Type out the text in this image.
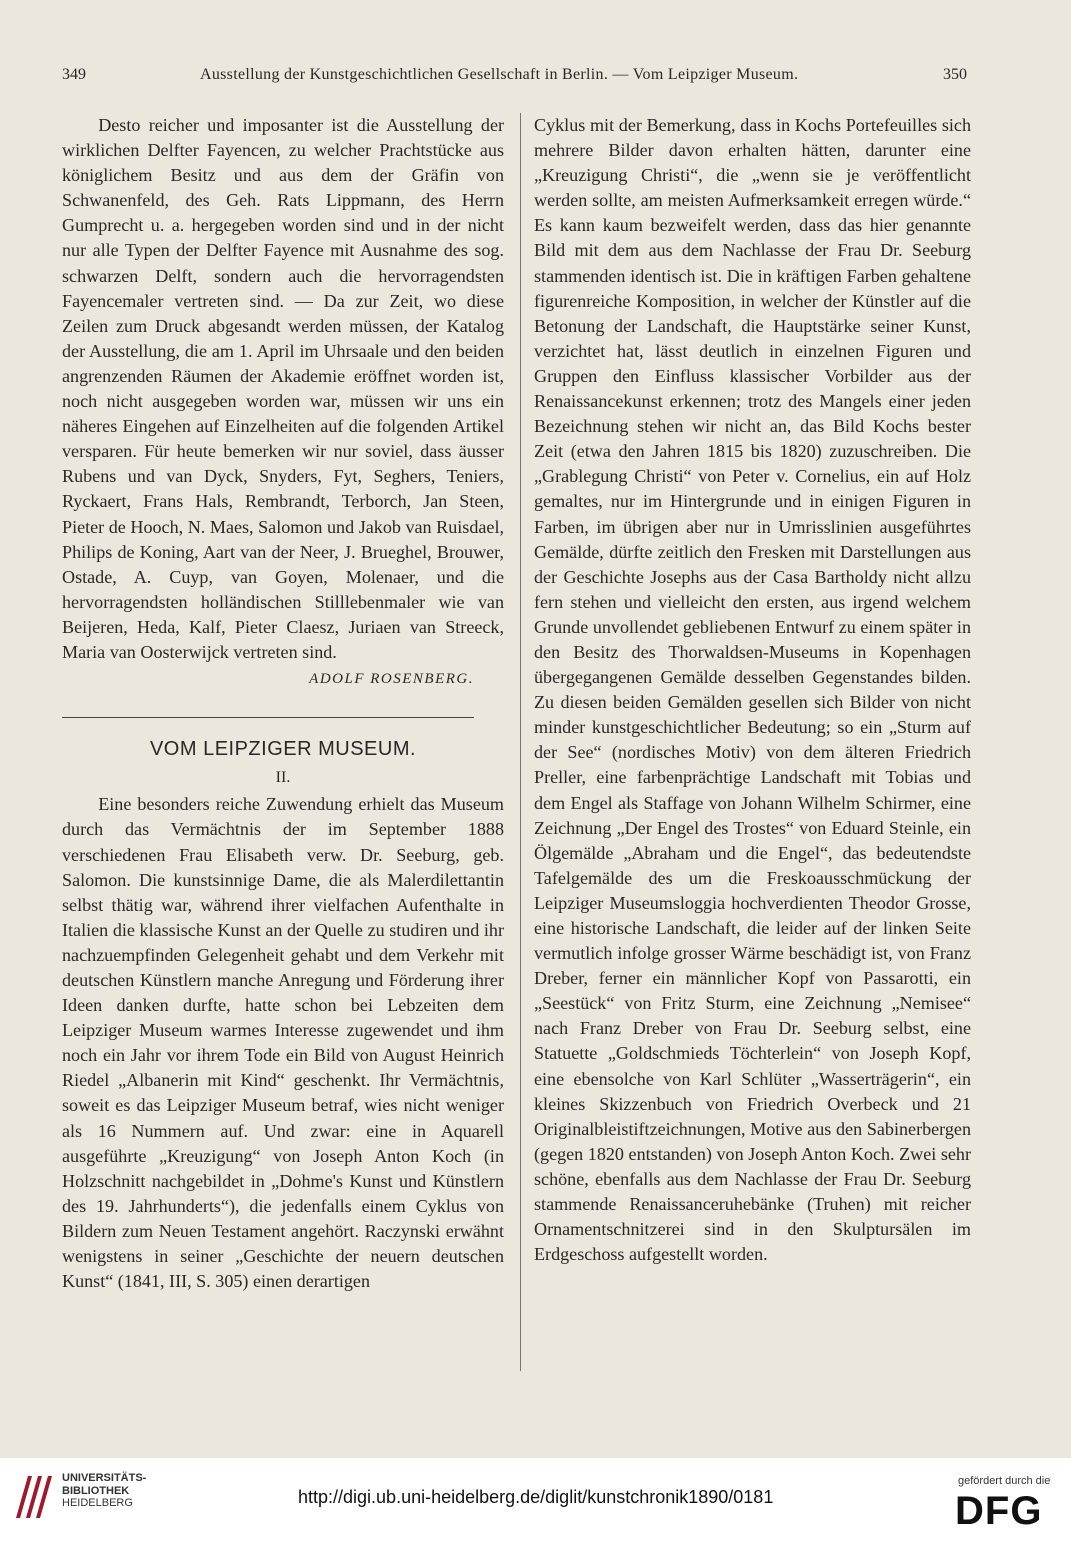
349	Ausstellung der Kunstgeschichtlichen Gesellschaft in Berlin. — Vom Leipziger Museum.	350

Desto reicher und imposanter ist die Ausstellung der wirklichen Delfter Fayencen, zu welcher Prachtstücke aus königlichem Besitz und aus dem der Gräfin von Schwanenfeld, des Geh. Rats Lippmann, des Herrn Gumprecht u. a. hergegeben worden sind und in der nicht nur alle Typen der Delfter Fayence mit Ausnahme des sog. schwarzen Delft, sondern auch die hervorragendsten Fayencemaler vertreten sind. — Da zur Zeit, wo diese Zeilen zum Druck abgesandt werden müssen, der Katalog der Ausstellung, die am 1. April im Uhrsaale und den beiden angrenzenden Räumen der Akademie eröffnet worden ist, noch nicht ausgegeben worden war, müssen wir uns ein näheres Eingehen auf Einzelheiten auf die folgenden Artikel versparen. Für heute bemerken wir nur soviel, dass äusser Rubens und van Dyck, Snyders, Fyt, Seghers, Teniers, Ryckaert, Frans Hals, Rembrandt, Terborch, Jan Steen, Pieter de Hooch, N. Maes, Salomon und Jakob van Ruisdael, Philips de Koning, Aart van der Neer, J. Brueghel, Brouwer, Ostade, A. Cuyp, van Goyen, Molenaer, und die hervorragendsten holländischen Stilllebenmaler wie van Beijeren, Heda, Kalf, Pieter Claesz, Juriaen van Streeck, Maria van Oosterwijck vertreten sind.

ADOLF ROSENBERG.
VOM LEIPZIGER MUSEUM.
II.

Eine besonders reiche Zuwendung erhielt das Museum durch das Vermächtnis der im September 1888 verschiedenen Frau Elisabeth verw. Dr. Seeburg, geb. Salomon. Die kunstsinnige Dame, die als Malerdilettantin selbst thätig war, während ihrer vielfachen Aufenthalte in Italien die klassische Kunst an der Quelle zu studiren und ihr nachzuempfinden Gelegenheit gehabt und dem Verkehr mit deutschen Künstlern manche Anregung und Förderung ihrer Ideen danken durfte, hatte schon bei Lebzeiten dem Leipziger Museum warmes Interesse zugewendet und ihm noch ein Jahr vor ihrem Tode ein Bild von August Heinrich Riedel „Albanerin mit Kind“ geschenkt. Ihr Vermächtnis, soweit es das Leipziger Museum betraf, wies nicht weniger als 16 Nummern auf. Und zwar: eine in Aquarell ausgeführte „Kreuzigung“ von Joseph Anton Koch (in Holzschnitt nachgebildet in „Dohme's Kunst und Künstlern des 19. Jahrhunderts“), die jedenfalls einem Cyklus von Bildern zum Neuen Testament angehört. Raczynski erwähnt wenigstens in seiner „Geschichte der neuern deutschen Kunst“ (1841, III, S. 305) einen derartigen

Cyklus mit der Bemerkung, dass in Kochs Portefeuilles sich mehrere Bilder davon erhalten hätten, darunter eine „Kreuzigung Christi“, die „wenn sie je veröffentlicht werden sollte, am meisten Aufmerksamkeit erregen würde.“ Es kann kaum bezweifelt werden, dass das hier genannte Bild mit dem aus dem Nachlasse der Frau Dr. Seeburg stammenden identisch ist. Die in kräftigen Farben gehaltene figurenreiche Komposition, in welcher der Künstler auf die Betonung der Landschaft, die Hauptstärke seiner Kunst, verzichtet hat, lässt deutlich in einzelnen Figuren und Gruppen den Einfluss klassischer Vorbilder aus der Renaissancekunst erkennen; trotz des Mangels einer jeden Bezeichnung stehen wir nicht an, das Bild Kochs bester Zeit (etwa den Jahren 1815 bis 1820) zuzuschreiben. Die „Grablegung Christi“ von Peter v. Cornelius, ein auf Holz gemaltes, nur im Hintergrunde und in einigen Figuren in Farben, im übrigen aber nur in Umrisslinien ausgeführtes Gemälde, dürfte zeitlich den Fresken mit Darstellungen aus der Geschichte Josephs aus der Casa Bartholdy nicht allzu fern stehen und vielleicht den ersten, aus irgend welchem Grunde unvollendet gebliebenen Entwurf zu einem später in den Besitz des Thorwaldsen-Museums in Kopenhagen übergegangenen Gemälde desselben Gegenstandes bilden. Zu diesen beiden Gemälden gesellen sich Bilder von nicht minder kunstgeschichtlicher Bedeutung; so ein „Sturm auf der See“ (nordisches Motiv) von dem älteren Friedrich Preller, eine farbenprächtige Landschaft mit Tobias und dem Engel als Staffage von Johann Wilhelm Schirmer, eine Zeichnung „Der Engel des Trostes“ von Eduard Steinle, ein Ölgemälde „Abraham und die Engel“, das bedeutendste Tafelgemälde des um die Freskoausschmückung der Leipziger Museumsloggia hochverdienten Theodor Grosse, eine historische Landschaft, die leider auf der linken Seite vermutlich infolge grosser Wärme beschädigt ist, von Franz Dreber, ferner ein männlicher Kopf von Passarotti, ein „Seestück“ von Fritz Sturm, eine Zeichnung „Nemisee“ nach Franz Dreber von Frau Dr. Seeburg selbst, eine Statuette „Goldschmieds Töchterlein“ von Joseph Kopf, eine ebensolche von Karl Schlüter „Wasserträgerin“, ein kleines Skizzenbuch von Friedrich Overbeck und 21 Originalbleistiftzeichnungen, Motive aus den Sabinerbergen (gegen 1820 entstanden) von Joseph Anton Koch. Zwei sehr schöne, ebenfalls aus dem Nachlasse der Frau Dr. Seeburg stammende Renaissanceruhebänke (Truhen) mit reicher Ornamentschnitzerei sind in den Skulptursälen im Erdgeschoss aufgestellt worden.

UNIVERSITÄTS-
BIBLIOTHEK
HEIDELBERG	http://digi.ub.uni-heidelberg.de/diglit/kunstchronik1890/0181
gefördert durch die
DFG
